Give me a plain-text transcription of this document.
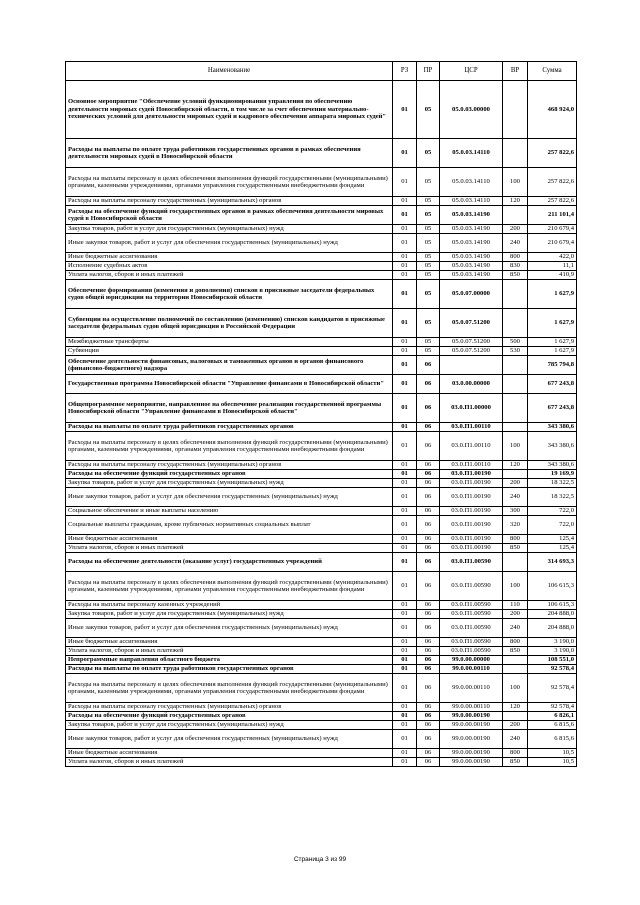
Наименование	РЗ	ПР	ЦСР	ВР	Сумма
Основное мероприятие "Обеспечение условий функционирования управления по обеспечению деятельности мировых судей Новосибирской области, в том числе за счет обеспечения материально-технических условий для деятельности мировых судей и кадрового обеспечения аппарата мировых судей"	01	05	05.0.03.00000		468 924,0
Расходы на выплаты по оплате труда работников государственных органов в рамках обеспечения деятельности мировых судей в Новосибирской области	01	05	05.0.03.14110		257 822,6
Расходы на выплаты персоналу в целях обеспечения выполнения функций государственными (муниципальными) органами, казенными учреждениями, органами управления государственными внебюджетными фондами	01	05	05.0.03.14110	100	257 822,6
Расходы на выплаты персоналу государственных (муниципальных) органов	01	05	05.0.03.14110	120	257 822,6
Расходы на обеспечение функций государственных органов в рамках обеспечения деятельности мировых судей в Новосибирской области	01	05	05.0.03.14190		211 101,4
Закупка товаров, работ и услуг для государственных (муниципальных) нужд	01	05	05.0.03.14190	200	210 679,4
Иные закупки товаров, работ и услуг для обеспечения государственных (муниципальных) нужд	01	05	05.0.03.14190	240	210 679,4
Иные бюджетные ассигнования	01	05	05.0.03.14190	800	422,0
Исполнение судебных актов	01	05	05.0.03.14190	830	11,1
Уплата налогов, сборов и иных платежей	01	05	05.0.03.14190	850	410,9
Обеспечение формирования (изменения и дополнения) списков в присяжные заседатели федеральных судов общей юрисдикции на территории Новосибирской области	01	05	05.0.07.00000		1 627,9
Субвенции на осуществление полномочий по составлению (изменению) списков кандидатов в присяжные заседатели федеральных судов общей юрисдикции в Российской Федерации	01	05	05.0.07.51200		1 627,9
Межбюджетные трансферты	01	05	05.0.07.51200	500	1 627,9
Субвенции	01	05	05.0.07.51200	530	1 627,9
Обеспечение деятельности финансовых, налоговых и таможенных органов и органов финансового (финансово-бюджетного) надзора	01	06			785 794,8
Государственная программа Новосибирской области "Управление финансами в Новосибирской области"	01	06	03.0.00.00000		677 243,8
Общепрограммное мероприятие, направленное на обеспечение реализации государственной программы Новосибирской области "Управление финансами в Новосибирской области"	01	06	03.0.П1.00000		677 243,8
Расходы на выплаты по оплате труда работников государственных органов	01	06	03.0.П1.00110		343 380,6
Расходы на выплаты персоналу в целях обеспечения выполнения функций государственными (муниципальными) органами, казенными учреждениями, органами управления государственными внебюджетными фондами	01	06	03.0.П1.00110	100	343 380,6
Расходы на выплаты персоналу государственных (муниципальных) органов	01	06	03.0.П1.00110	120	343 380,6
Расходы на обеспечение функций государственных органов	01	06	03.0.П1.00190		19 169,9
Закупка товаров, работ и услуг для государственных (муниципальных) нужд	01	06	03.0.П1.00190	200	18 322,5
Иные закупки товаров, работ и услуг для обеспечения государственных (муниципальных) нужд	01	06	03.0.П1.00190	240	18 322,5
Социальное обеспечение и иные выплаты населению	01	06	03.0.П1.00190	300	722,0
Социальные выплаты гражданам, кроме публичных нормативных социальных выплат	01	06	03.0.П1.00190	320	722,0
Иные бюджетные ассигнования	01	06	03.0.П1.00190	800	125,4
Уплата налогов, сборов и иных платежей	01	06	03.0.П1.00190	850	125,4
Расходы на обеспечение деятельности (оказание услуг) государственных учреждений	01	06	03.0.П1.00590		314 693,3
Расходы на выплаты персоналу в целях обеспечения выполнения функций государственными (муниципальными) органами, казенными учреждениями, органами управления государственными внебюджетными фондами	01	06	03.0.П1.00590	100	106 615,3
Расходы на выплаты персоналу казенных учреждений	01	06	03.0.П1.00590	110	106 615,3
Закупка товаров, работ и услуг для государственных (муниципальных) нужд	01	06	03.0.П1.00590	200	204 888,0
Иные закупки товаров, работ и услуг для обеспечения государственных (муниципальных) нужд	01	06	03.0.П1.00590	240	204 888,0
Иные бюджетные ассигнования	01	06	03.0.П1.00590	800	3 190,0
Уплата налогов, сборов и иных платежей	01	06	03.0.П1.00590	850	3 190,0
Непрограммные направления областного бюджета	01	06	99.0.00.00000		108 551,0
Расходы на выплаты по оплате труда работников государственных органов	01	06	99.0.00.00110		92 578,4
Расходы на выплаты персоналу в целях обеспечения выполнения функций государственными (муниципальными) органами, казенными учреждениями, органами управления государственными внебюджетными фондами	01	06	99.0.00.00110	100	92 578,4
Расходы на выплаты персоналу государственных (муниципальных) органов	01	06	99.0.00.00110	120	92 578,4
Расходы на обеспечение функций государственных органов	01	06	99.0.00.00190		6 826,1
Закупка товаров, работ и услуг для государственных (муниципальных) нужд	01	06	99.0.00.00190	200	6 815,6
Иные закупки товаров, работ и услуг для обеспечения государственных (муниципальных) нужд	01	06	99.0.00.00190	240	6 815,6
Иные бюджетные ассигнования	01	06	99.0.00.00190	800	10,5
Уплата налогов, сборов и иных платежей	01	06	99.0.00.00190	850	10,5
Страница 3 из 99
